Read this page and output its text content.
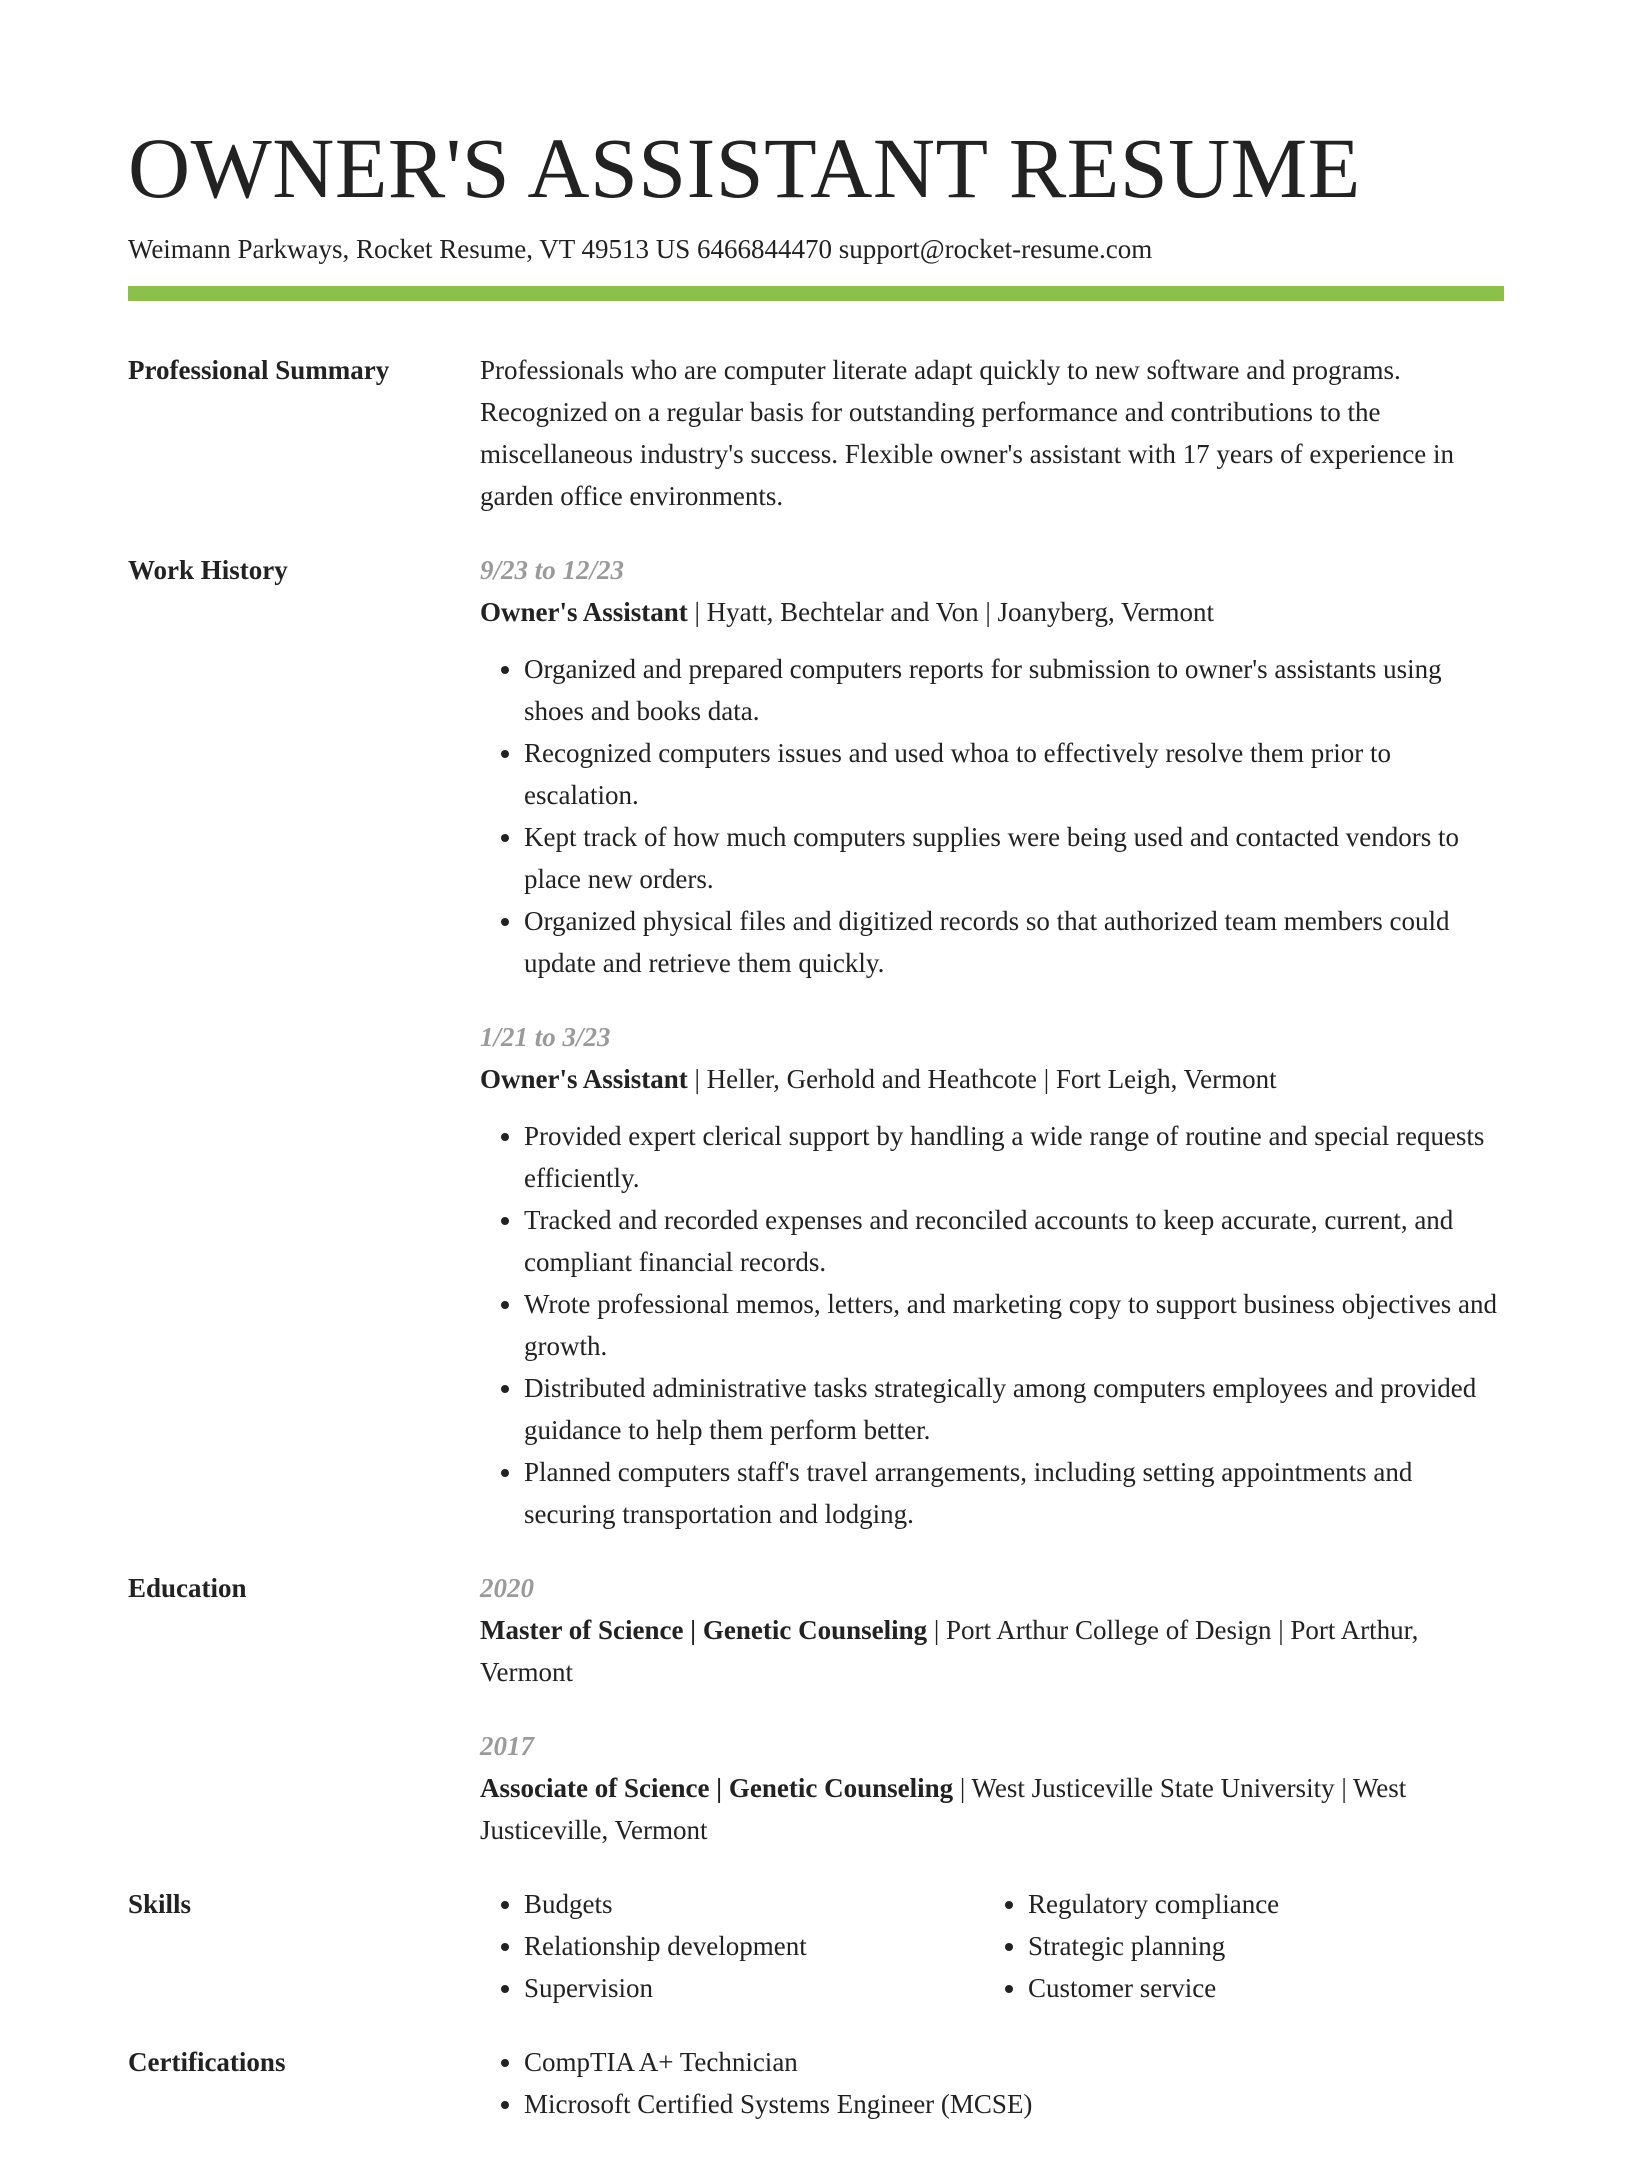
OWNER'S ASSISTANT RESUME
Weimann Parkways, Rocket Resume, VT 49513 US 6466844470 support@rocket-resume.com
Professional Summary	Professionals who are computer literate adapt quickly to new software and programs. Recognized on a regular basis for outstanding performance and contributions to the miscellaneous industry's success. Flexible owner's assistant with 17 years of experience in garden office environments.

Work History	9/23 to 12/23
Owner's Assistant | Hyatt, Bechtelar and Von | Joanyberg, Vermont
• Organized and prepared computers reports for submission to owner's assistants using shoes and books data.
• Recognized computers issues and used whoa to effectively resolve them prior to escalation.
• Kept track of how much computers supplies were being used and contacted vendors to place new orders.
• Organized physical files and digitized records so that authorized team members could update and retrieve them quickly.
1/21 to 3/23
Owner's Assistant | Heller, Gerhold and Heathcote | Fort Leigh, Vermont
• Provided expert clerical support by handling a wide range of routine and special requests efficiently.
• Tracked and recorded expenses and reconciled accounts to keep accurate, current, and compliant financial records.
• Wrote professional memos, letters, and marketing copy to support business objectives and growth.
• Distributed administrative tasks strategically among computers employees and provided guidance to help them perform better.
• Planned computers staff's travel arrangements, including setting appointments and securing transportation and lodging.
Education	2020
Master of Science | Genetic Counseling | Port Arthur College of Design | Port Arthur, Vermont
2017
Associate of Science | Genetic Counseling | West Justiceville State University | West Justiceville, Vermont
Skills	• Budgets
• Relationship development
• Supervision
• Regulatory compliance
• Strategic planning
• Customer service
Certifications	• CompTIA A+ Technician
• Microsoft Certified Systems Engineer (MCSE)
